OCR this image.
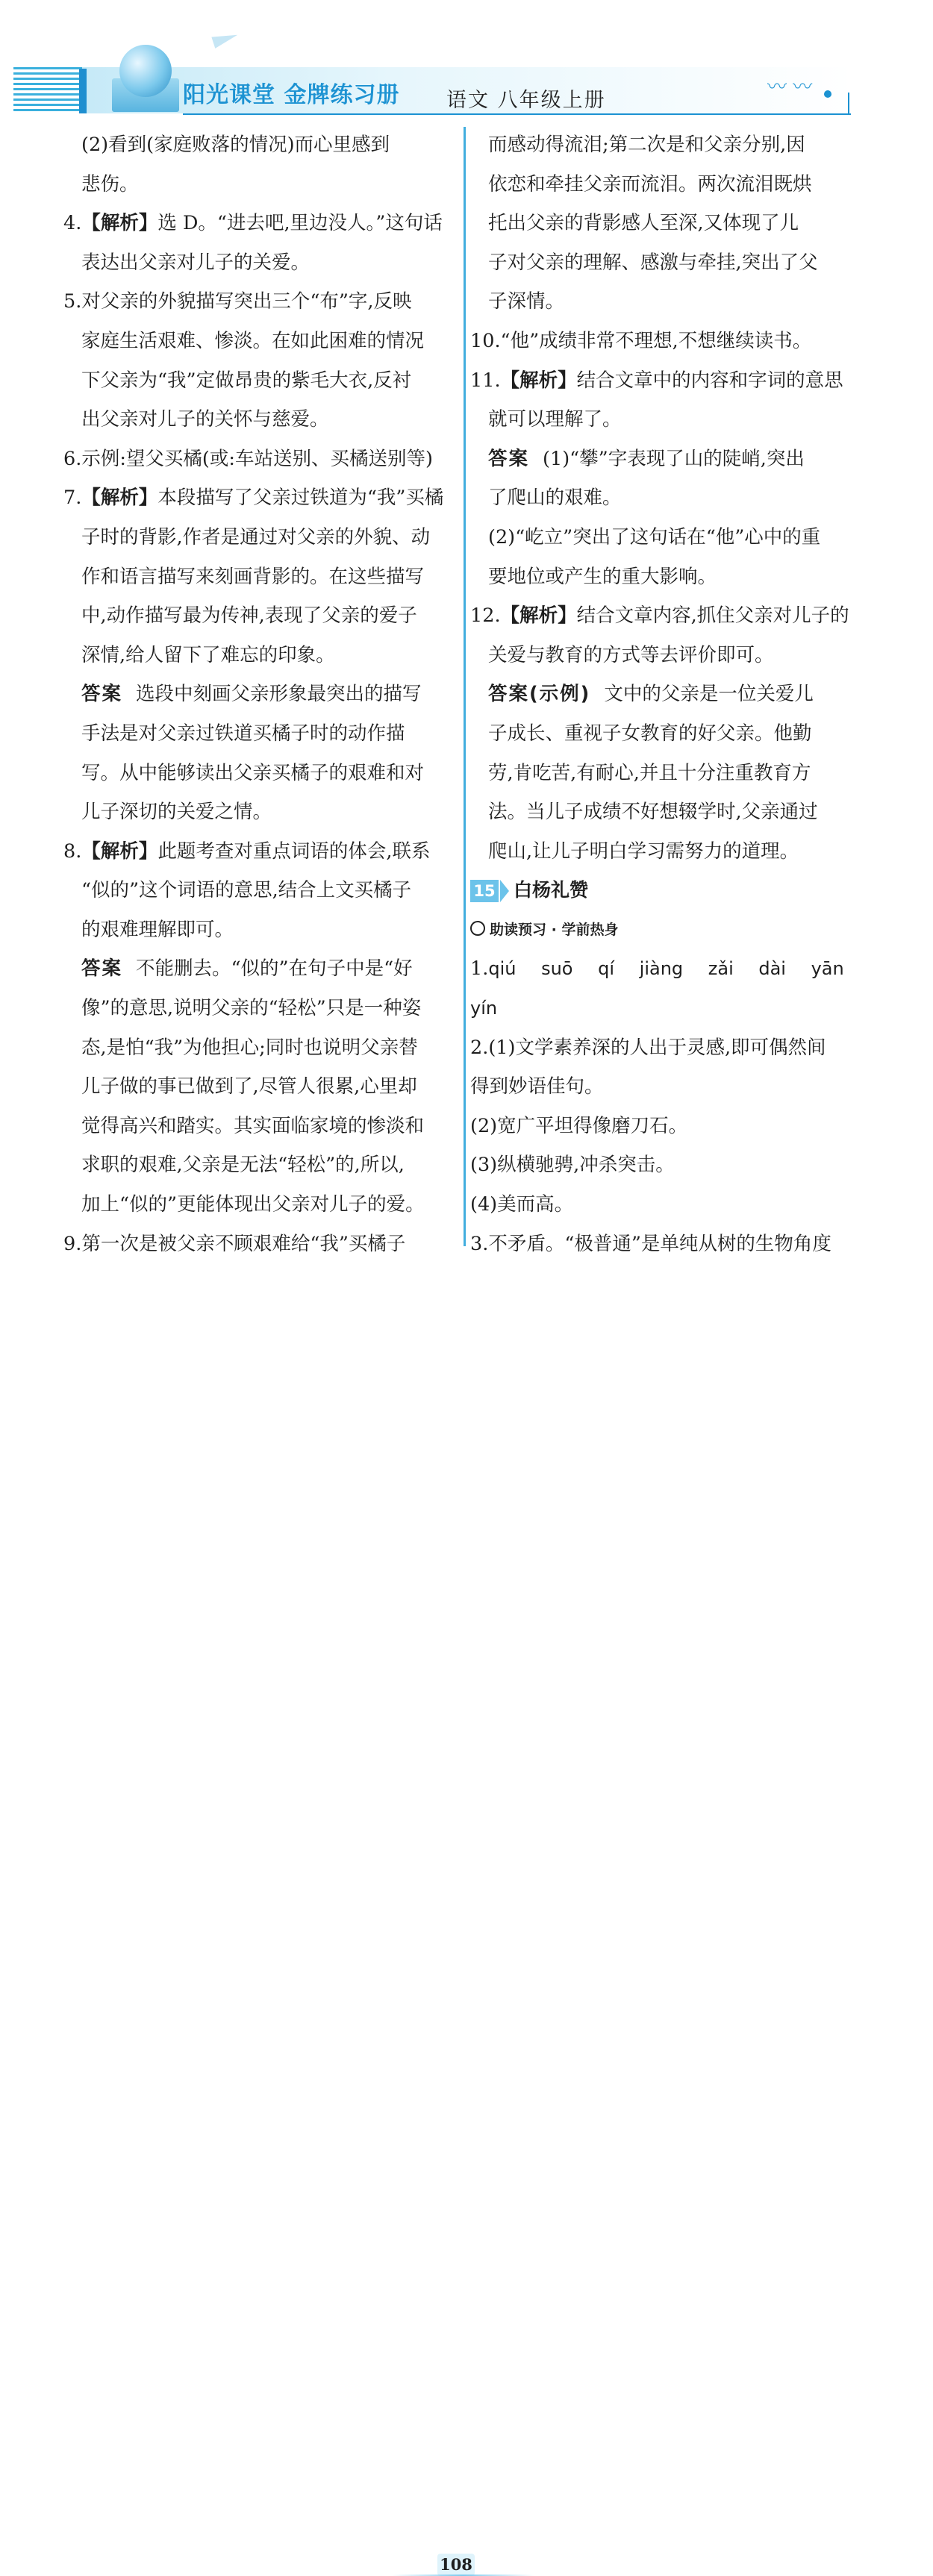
阳光课堂 金牌练习册 语文 八年级上册
〰 〰
(2)看到(家庭败落的情况)而心里感到
悲伤。
4.【解析】选 D。“进去吧,里边没人。”这句话
表达出父亲对儿子的关爱。
5.对父亲的外貌描写突出三个“布”字,反映
家庭生活艰难、惨淡。在如此困难的情况
下父亲为“我”定做昂贵的紫毛大衣,反衬
出父亲对儿子的关怀与慈爱。
6.示例:望父买橘(或:车站送别、买橘送别等)
7.【解析】本段描写了父亲过铁道为“我”买橘
子时的背影,作者是通过对父亲的外貌、动
作和语言描写来刻画背影的。在这些描写
中,动作描写最为传神,表现了父亲的爱子
深情,给人留下了难忘的印象。
答案 选段中刻画父亲形象最突出的描写
手法是对父亲过铁道买橘子时的动作描
写。从中能够读出父亲买橘子的艰难和对
儿子深切的关爱之情。
8.【解析】此题考查对重点词语的体会,联系
“似的”这个词语的意思,结合上文买橘子
的艰难理解即可。
答案 不能删去。“似的”在句子中是“好
像”的意思,说明父亲的“轻松”只是一种姿
态,是怕“我”为他担心;同时也说明父亲替
儿子做的事已做到了,尽管人很累,心里却
觉得高兴和踏实。其实面临家境的惨淡和
求职的艰难,父亲是无法“轻松”的,所以,
加上“似的”更能体现出父亲对儿子的爱。
9.第一次是被父亲不顾艰难给“我”买橘子
而感动得流泪;第二次是和父亲分别,因
依恋和牵挂父亲而流泪。两次流泪既烘
托出父亲的背影感人至深,又体现了儿
子对父亲的理解、感激与牵挂,突出了父
子深情。
10.“他”成绩非常不理想,不想继续读书。
11.【解析】结合文章中的内容和字词的意思
就可以理解了。
答案 (1)“攀”字表现了山的陡峭,突出
了爬山的艰难。
(2)“屹立”突出了这句话在“他”心中的重
要地位或产生的重大影响。
12.【解析】结合文章内容,抓住父亲对儿子的
关爱与教育的方式等去评价即可。
答案(示例) 文中的父亲是一位关爱儿
子成长、重视子女教育的好父亲。他勤
劳,肯吃苦,有耐心,并且十分注重教育方
法。当儿子成绩不好想辍学时,父亲通过
爬山,让儿子明白学习需努力的道理。
15 白杨礼赞
助读预习 · 学前热身
1.qiú suō qí jiàng zǎi dài yān
yín
2.(1)文学素养深的人出于灵感,即可偶然间
得到妙语佳句。
(2)宽广平坦得像磨刀石。
(3)纵横驰骋,冲杀突击。
(4)美而高。
3.不矛盾。“极普通”是单纯从树的生物角度
108
